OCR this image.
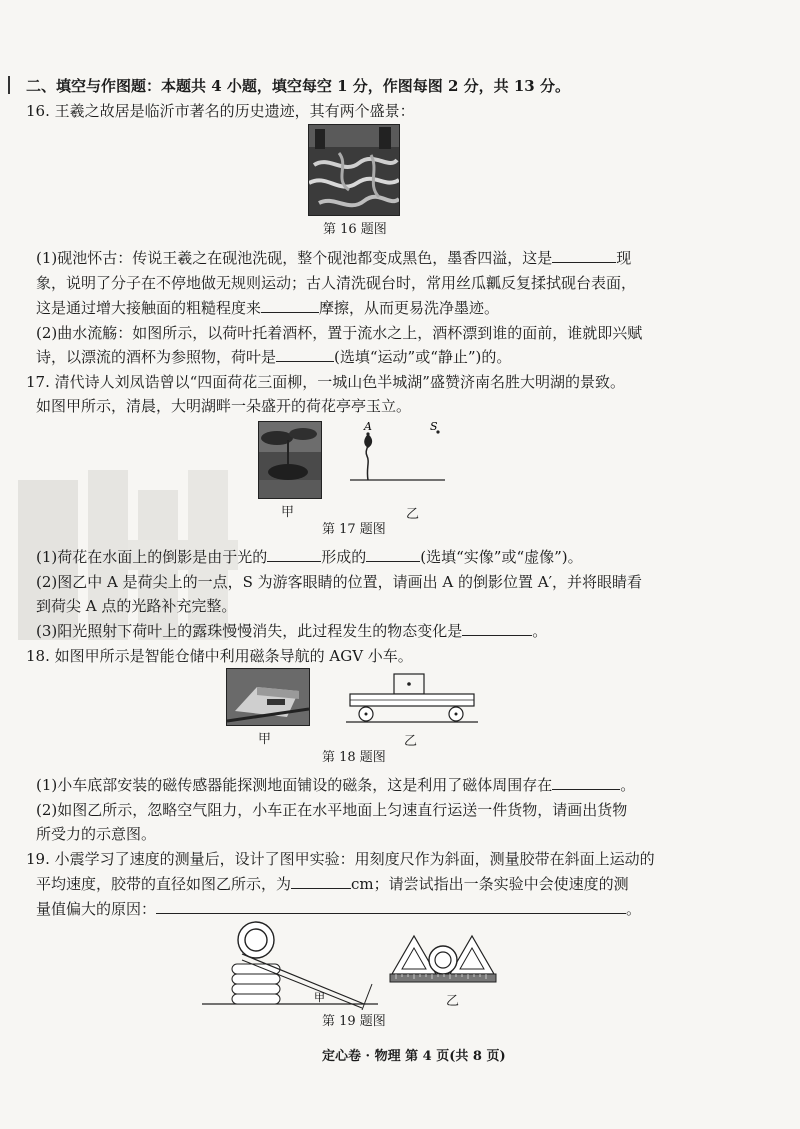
二、填空与作图题：本题共 4 小题，填空每空 1 分，作图每图 2 分，共 13 分。
16. 王羲之故居是临沂市著名的历史遗迹，其有两个盛景：
第 16 题图
(1)砚池怀古：传说王羲之在砚池洗砚，整个砚池都变成黑色，墨香四溢，这是	现
象，说明了分子在不停地做无规则运动；古人清洗砚台时，常用丝瓜瓤反复揉拭砚台表面，
这是通过增大接触面的粗糙程度来	摩擦，从而更易洗净墨迹。
(2)曲水流觞：如图所示，以荷叶托着酒杯，置于流水之上，酒杯漂到谁的面前，谁就即兴赋
诗，以漂流的酒杯为参照物，荷叶是	(选填“运动”或“静止”)的。
17. 清代诗人刘凤诰曾以“四面荷花三面柳，一城山色半城湖”盛赞济南名胜大明湖的景致。
如图甲所示，清晨，大明湖畔一朵盛开的荷花亭亭玉立。
甲
A	S
乙
第 17 题图
(1)荷花在水面上的倒影是由于光的	形成的	(选填“实像”或“虚像”)。
(2)图乙中 A 是荷尖上的一点，S 为游客眼睛的位置，请画出 A 的倒影位置 A′，并将眼睛看
到荷尖 A 点的光路补充完整。
(3)阳光照射下荷叶上的露珠慢慢消失，此过程发生的物态变化是	。
18. 如图甲所示是智能仓储中利用磁条导航的 AGV 小车。
甲	乙
第 18 题图
(1)小车底部安装的磁传感器能探测地面铺设的磁条，这是利用了磁体周围存在	。
(2)如图乙所示，忽略空气阻力，小车正在水平地面上匀速直行运送一件货物，请画出货物
所受力的示意图。
19. 小震学习了速度的测量后，设计了图甲实验：用刻度尺作为斜面，测量胶带在斜面上运动的
平均速度，胶带的直径如图乙所示，为	cm；请尝试指出一条实验中会使速度的测
量值偏大的原因：	。
甲	乙
第 19 题图
定心卷 · 物理 第 4 页(共 8 页)
